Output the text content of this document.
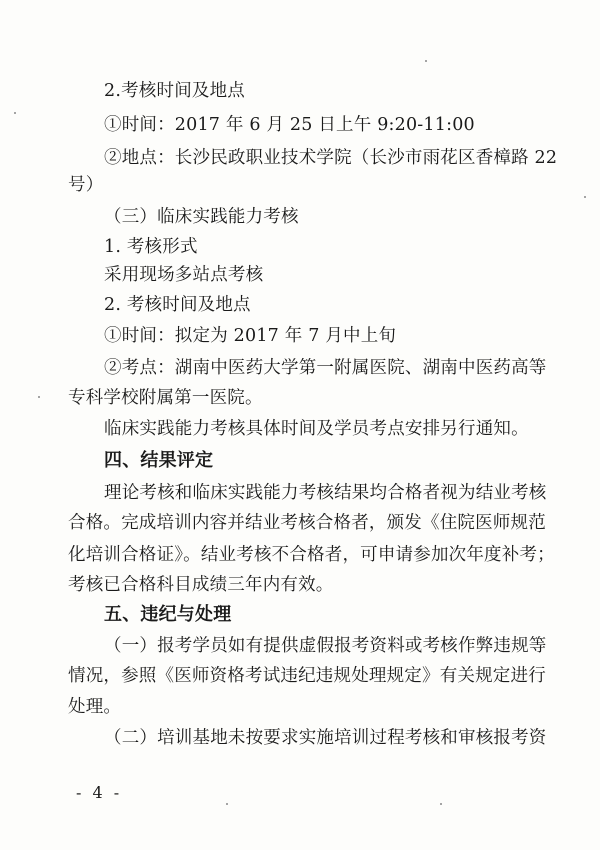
2.考核时间及地点
①时间：2017 年 6 月 25 日上午 9:20-11:00
②地点：长沙民政职业技术学院（长沙市雨花区香樟路 22
号）
（三）临床实践能力考核
1. 考核形式
采用现场多站点考核
2. 考核时间及地点
①时间：拟定为 2017 年 7 月中上旬
②考点：湖南中医药大学第一附属医院、湖南中医药高等
专科学校附属第一医院。
临床实践能力考核具体时间及学员考点安排另行通知。
四、结果评定
理论考核和临床实践能力考核结果均合格者视为结业考核
合格。完成培训内容并结业考核合格者，颁发《住院医师规范
化培训合格证》。结业考核不合格者，可申请参加次年度补考；
考核已合格科目成绩三年内有效。
五、违纪与处理
（一）报考学员如有提供虚假报考资料或考核作弊违规等
情况，参照《医师资格考试违纪违规处理规定》有关规定进行
处理。
（二）培训基地未按要求实施培训过程考核和审核报考资
- 4 -
